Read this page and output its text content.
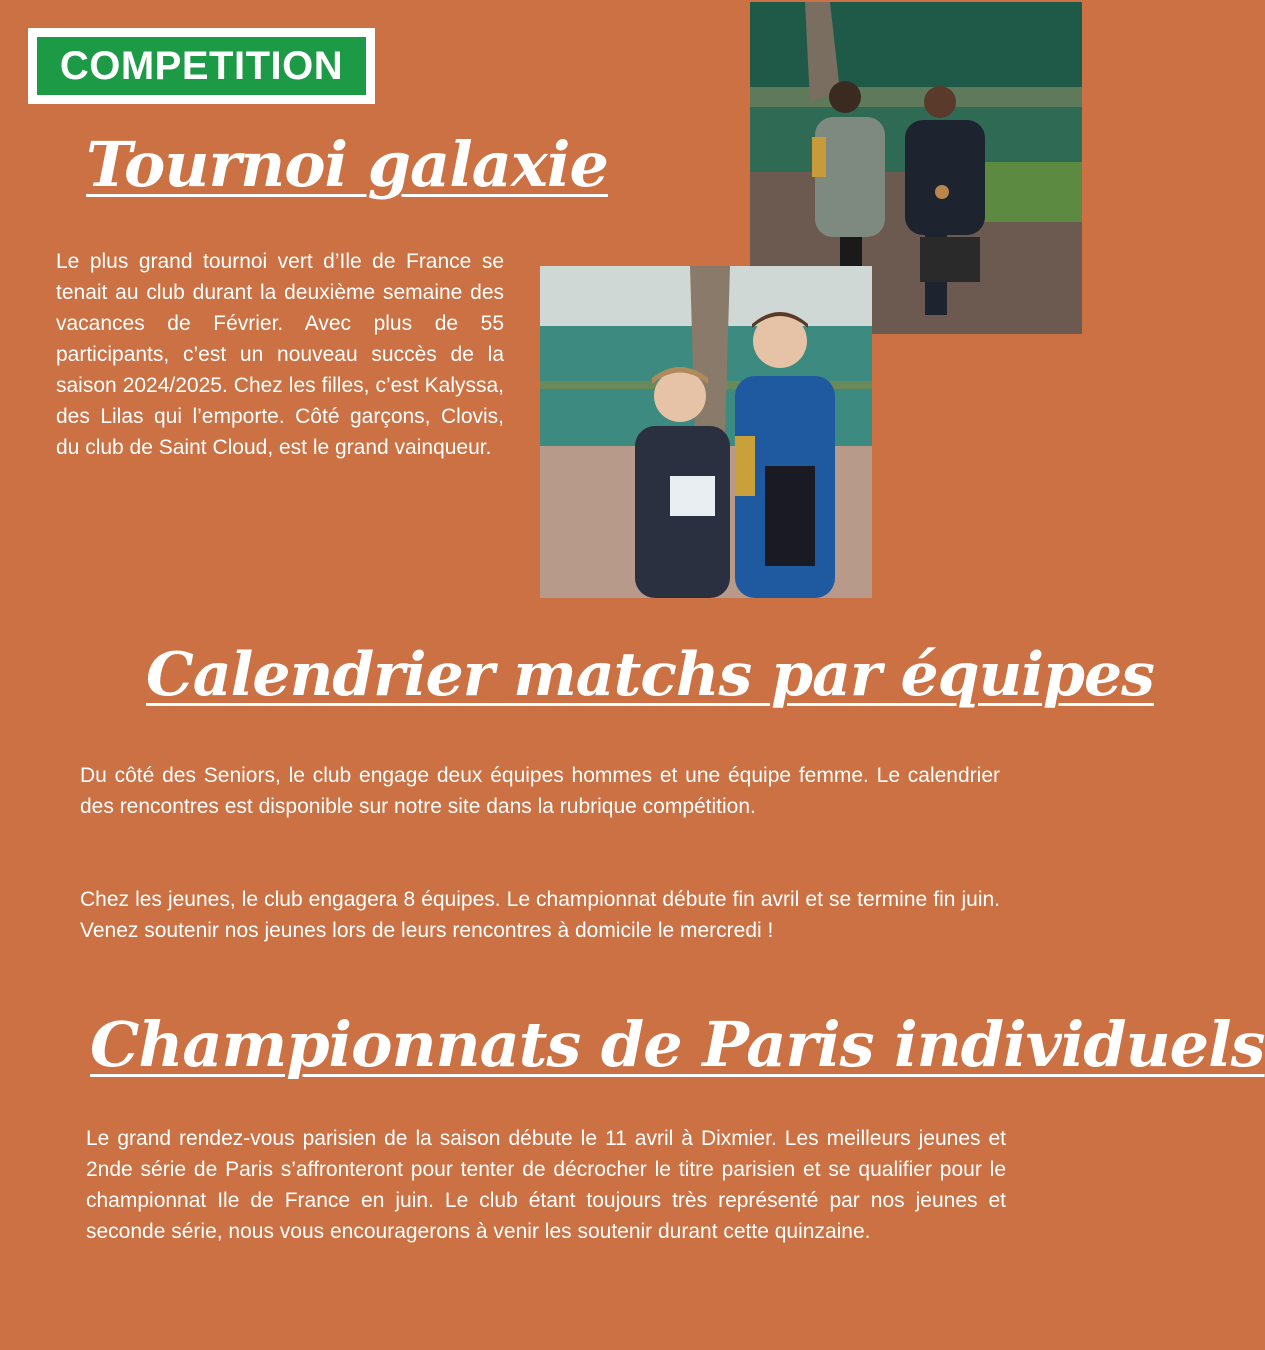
COMPETITION
Tournoi galaxie

Le plus grand tournoi vert d’Ile de France se tenait au club durant la deuxième semaine des vacances de Février. Avec plus de 55 participants, c’est un nouveau succès de la saison 2024/2025. Chez les filles, c’est Kalyssa, des Lilas qui l’emporte. Côté garçons, Clovis, du club de Saint Cloud, est le grand vainqueur.

Calendrier matchs par équipes

Du côté des Seniors, le club engage deux équipes hommes et une équipe femme. Le calendrier des rencontres est disponible sur notre site dans la rubrique compétition.

Chez les jeunes, le club engagera 8 équipes. Le championnat débute fin avril et se termine fin juin. Venez soutenir nos jeunes lors de leurs rencontres à domicile le mercredi !

Championnats de Paris individuels

Le grand rendez-vous parisien de la saison débute le 11 avril à Dixmier. Les meilleurs jeunes et 2nde série de Paris s’affronteront pour tenter de décrocher le titre parisien et se qualifier pour le championnat Ile de France en juin. Le club étant toujours très représenté par nos jeunes et seconde série, nous vous encouragerons à venir les soutenir durant cette quinzaine.
